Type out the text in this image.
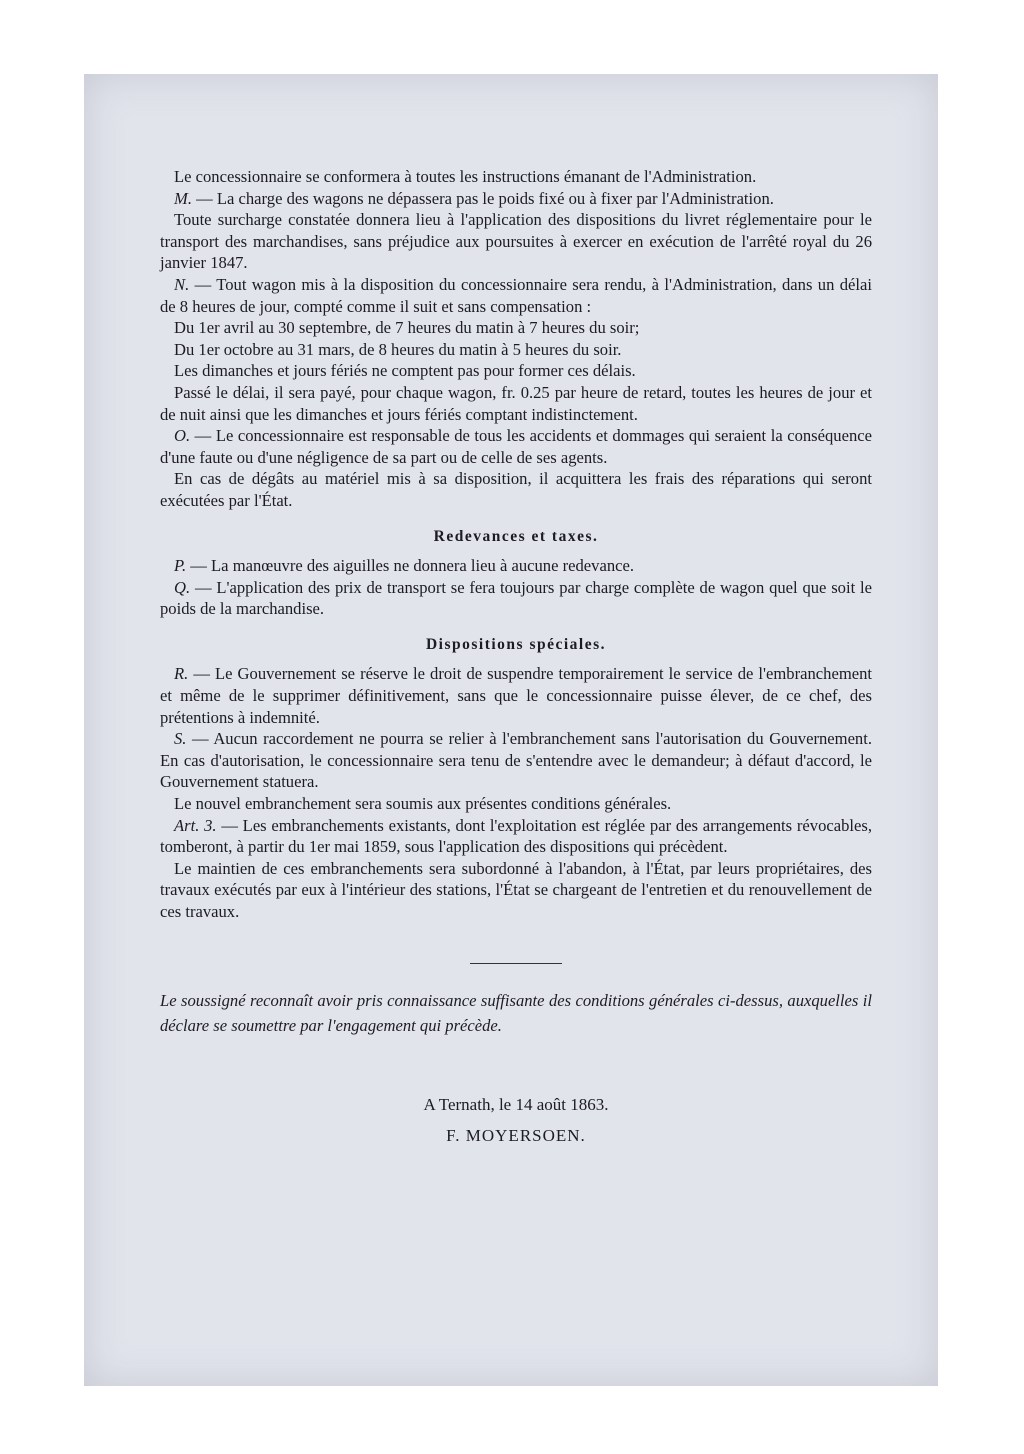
Le concessionnaire se conformera à toutes les instructions émanant de l'Administration.

M. — La charge des wagons ne dépassera pas le poids fixé ou à fixer par l'Administration.

Toute surcharge constatée donnera lieu à l'application des dispositions du livret réglementaire pour le transport des marchandises, sans préjudice aux poursuites à exercer en exécution de l'arrêté royal du 26 janvier 1847.

N. — Tout wagon mis à la disposition du concessionnaire sera rendu, à l'Administration, dans un délai de 8 heures de jour, compté comme il suit et sans compensation :

Du 1er avril au 30 septembre, de 7 heures du matin à 7 heures du soir;

Du 1er octobre au 31 mars, de 8 heures du matin à 5 heures du soir.

Les dimanches et jours fériés ne comptent pas pour former ces délais.

Passé le délai, il sera payé, pour chaque wagon, fr. 0.25 par heure de retard, toutes les heures de jour et de nuit ainsi que les dimanches et jours fériés comptant indistinctement.

O. — Le concessionnaire est responsable de tous les accidents et dommages qui seraient la conséquence d'une faute ou d'une négligence de sa part ou de celle de ses agents.

En cas de dégâts au matériel mis à sa disposition, il acquittera les frais des réparations qui seront exécutées par l'État.

Redevances et taxes.

P. — La manœuvre des aiguilles ne donnera lieu à aucune redevance.

Q. — L'application des prix de transport se fera toujours par charge complète de wagon quel que soit le poids de la marchandise.

Dispositions spéciales.

R. — Le Gouvernement se réserve le droit de suspendre temporairement le service de l'embranchement et même de le supprimer définitivement, sans que le concessionnaire puisse élever, de ce chef, des prétentions à indemnité.

S. — Aucun raccordement ne pourra se relier à l'embranchement sans l'autorisation du Gouvernement. En cas d'autorisation, le concessionnaire sera tenu de s'entendre avec le demandeur; à défaut d'accord, le Gouvernement statuera.

Le nouvel embranchement sera soumis aux présentes conditions générales.

Art. 3. — Les embranchements existants, dont l'exploitation est réglée par des arrangements révocables, tomberont, à partir du 1er mai 1859, sous l'application des dispositions qui précèdent.

Le maintien de ces embranchements sera subordonné à l'abandon, à l'État, par leurs propriétaires, des travaux exécutés par eux à l'intérieur des stations, l'État se chargeant de l'entretien et du renouvellement de ces travaux.

Le soussigné reconnaît avoir pris connaissance suffisante des conditions générales ci-dessus, auxquelles il déclare se soumettre par l'engagement qui précède.

A Ternath, le 14 août 1863.
F. MOYERSOEN.
